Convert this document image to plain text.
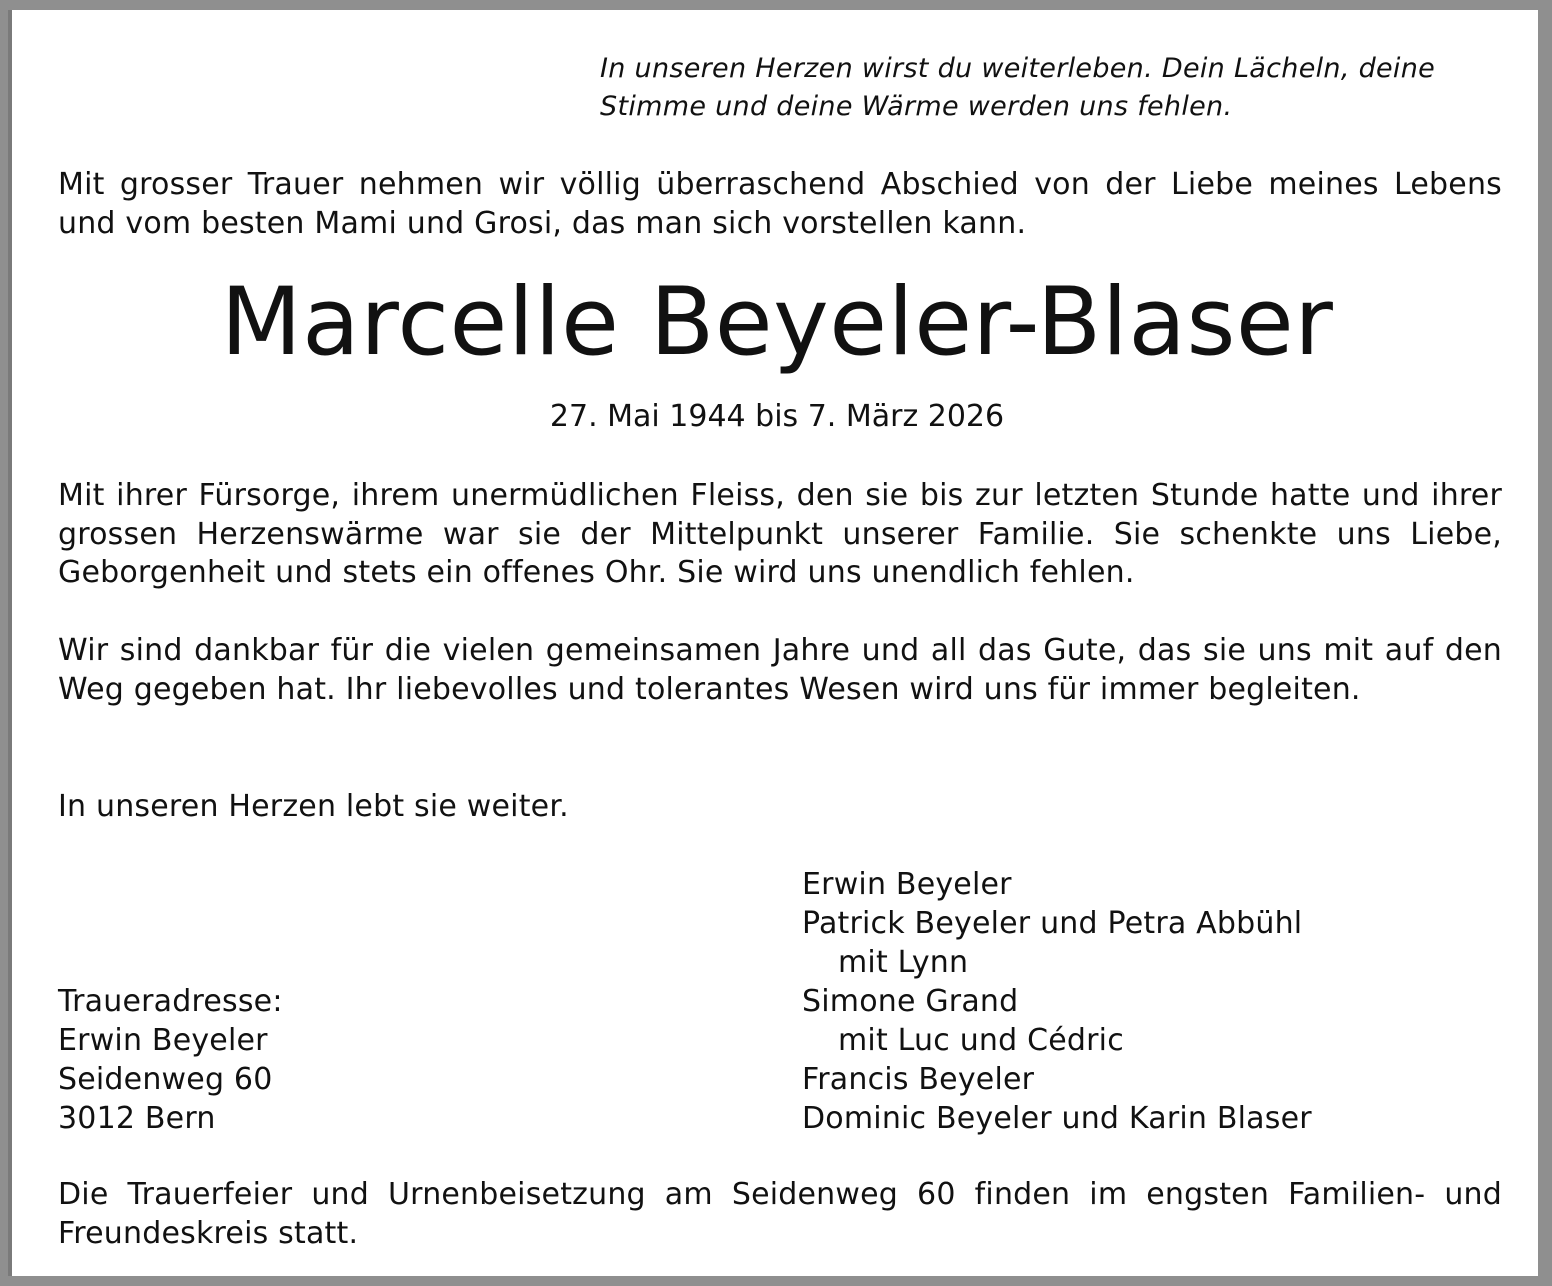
In unseren Herzen wirst du weiterleben. Dein Lächeln, deine
Stimme und deine Wärme werden uns fehlen.
Mit grosser Trauer nehmen wir völlig überraschend Abschied von der Liebe meines Lebens und vom besten Mami und Grosi, das man sich vorstellen kann.
Marcelle Beyeler-Blaser
27. Mai 1944 bis 7. März 2026
Mit ihrer Fürsorge, ihrem unermüdlichen Fleiss, den sie bis zur letzten Stunde hatte und ihrer grossen Herzenswärme war sie der Mittelpunkt unserer Familie. Sie schenkte uns Liebe, Geborgenheit und stets ein offenes Ohr. Sie wird uns unendlich fehlen.
Wir sind dankbar für die vielen gemeinsamen Jahre und all das Gute, das sie uns mit auf den Weg gegeben hat. Ihr liebevolles und tolerantes Wesen wird uns für immer begleiten.
In unseren Herzen lebt sie weiter.
Traueradresse:
Erwin Beyeler
Seidenweg 60
3012 Bern
Erwin Beyeler
Patrick Beyeler und Petra Abbühl
mit Lynn
Simone Grand
mit Luc und Cédric
Francis Beyeler
Dominic Beyeler und Karin Blaser
Die Trauerfeier und Urnenbeisetzung am Seidenweg 60 finden im engsten Familien- und Freundeskreis statt.
